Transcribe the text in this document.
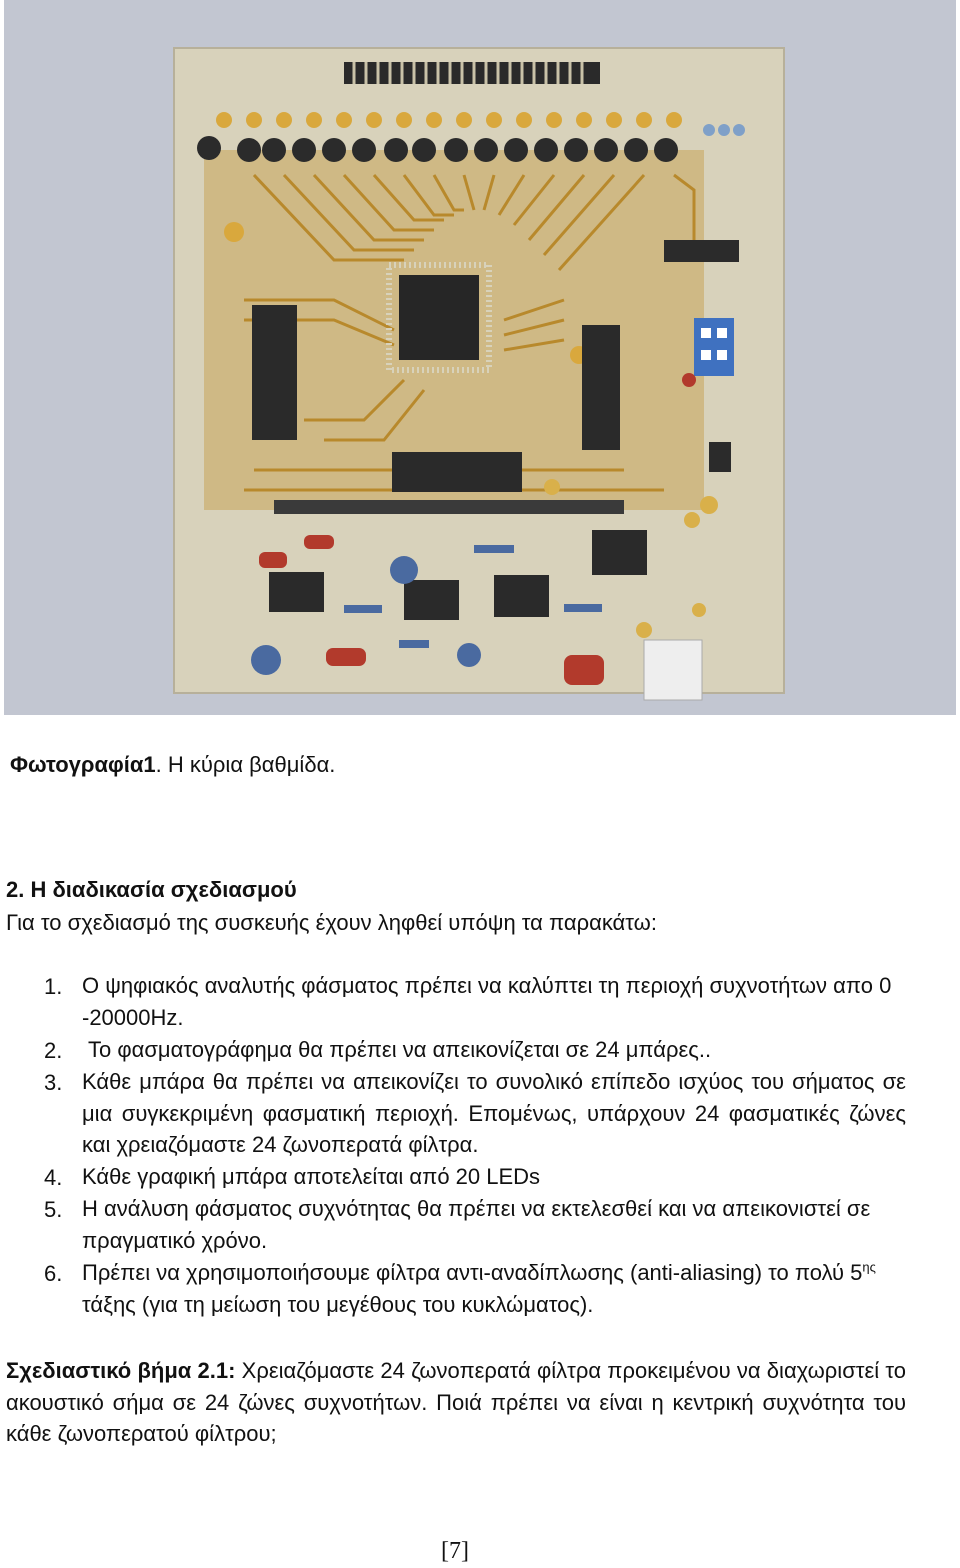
Φωτογραφία1. Η κύρια βαθμίδα.
2. Η διαδικασία σχεδιασμού
Για το σχεδιασμό της συσκευής έχουν ληφθεί υπόψη τα παρακάτω:
1. Ο ψηφιακός αναλυτής φάσματος πρέπει να καλύπτει τη περιοχή συχνοτήτων απο 0 -20000Hz.
2. Το φασματογράφημα θα πρέπει να απεικονίζεται σε 24 μπάρες..
3. Κάθε μπάρα θα πρέπει να απεικονίζει το συνολικό επίπεδο ισχύος του σήματος σε μια συγκεκριμένη φασματική περιοχή. Επομένως, υπάρχουν 24 φασματικές ζώνες και χρειαζόμαστε 24 ζωνοπερατά φίλτρα.
4. Κάθε γραφική μπάρα αποτελείται από 20 LEDs
5. Η ανάλυση φάσματος συχνότητας θα πρέπει να εκτελεσθεί και να απεικονιστεί σε πραγματικό χρόνο.
6. Πρέπει να χρησιμοποιήσουμε φίλτρα αντι-αναδίπλωσης (anti-aliasing) το πολύ $5^{\eta\varsigma}$ τάξης (για τη μείωση του μεγέθους του κυκλώματος).
Σχεδιαστικό βήμα 2.1: Χρειαζόμαστε 24 ζωνοπερατά φίλτρα προκειμένου να διαχωριστεί το ακουστικό σήμα σε 24 ζώνες συχνοτήτων. Ποιά πρέπει να είναι η κεντρική συχνότητα του κάθε ζωνοπερατού φίλτρου;
[7]
